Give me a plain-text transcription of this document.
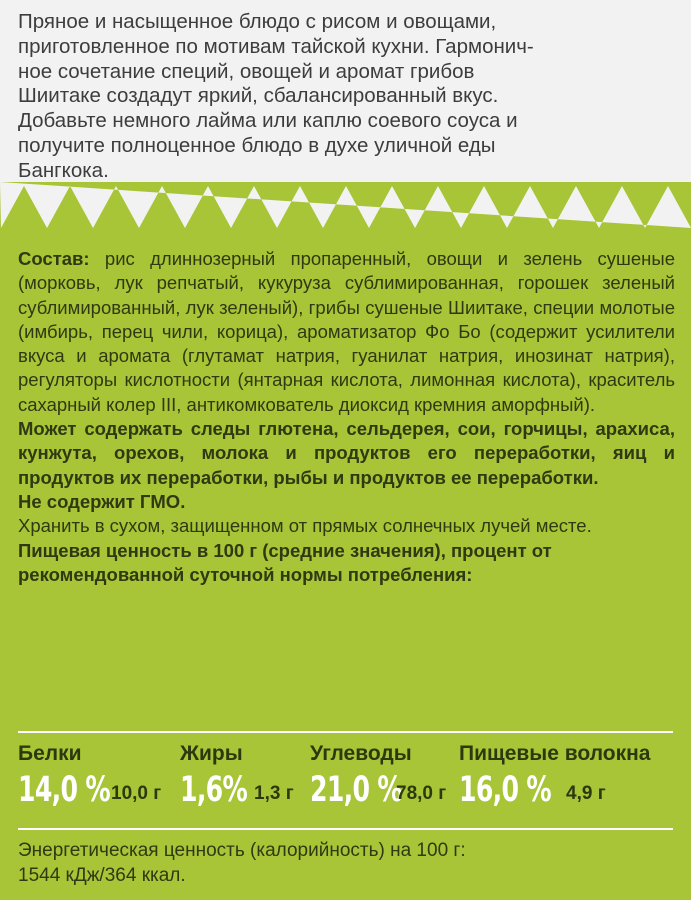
Пряное и насыщенное блюдо с рисом и овощами,
приготовленное по мотивам тайской кухни. Гармонич-
ное сочетание специй, овощей и аромат грибов
Шиитаке создадут яркий, сбалансированный вкус.
Добавьте немного лайма или каплю соевого соуса и
получите полноценное блюдо в духе уличной еды
Бангкока.

Состав: рис длиннозерный пропаренный, овощи и зелень сушеные (морковь, лук репчатый, кукуруза сублимированная, горошек зеленый сублимированный, лук зеленый), грибы сушеные Шиитаке, специи молотые (имбирь, перец чили, корица), ароматизатор Фо Бо (содержит усилители вкуса и аромата (глутамат натрия, гуанилат натрия, инозинат натрия), регуляторы кислотности (янтарная кислота, лимонная кислота), краситель сахарный колер III, антикомкователь диоксид кремния аморфный).

Может содержать следы глютена, сельдерея, сои, горчицы, арахиса, кунжута, орехов, молока и продуктов его переработки, яиц и продуктов их переработки, рыбы и продуктов ее переработки.

Не содержит ГМО.

Хранить в сухом, защищенном от прямых солнечных лучей месте.

Пищевая ценность в 100 г (средние значения), процент от рекомендованной суточной нормы потребления:

Белки
14,0 % 10,0 г
Жиры
1,6% 1,3 г
Углеводы
21,0 %
78,0 г
Пищевые волокна
16,0 % 4,9 г
Энергетическая ценность (калорийность) на 100 г:
1544 кДж/364 ккал.
